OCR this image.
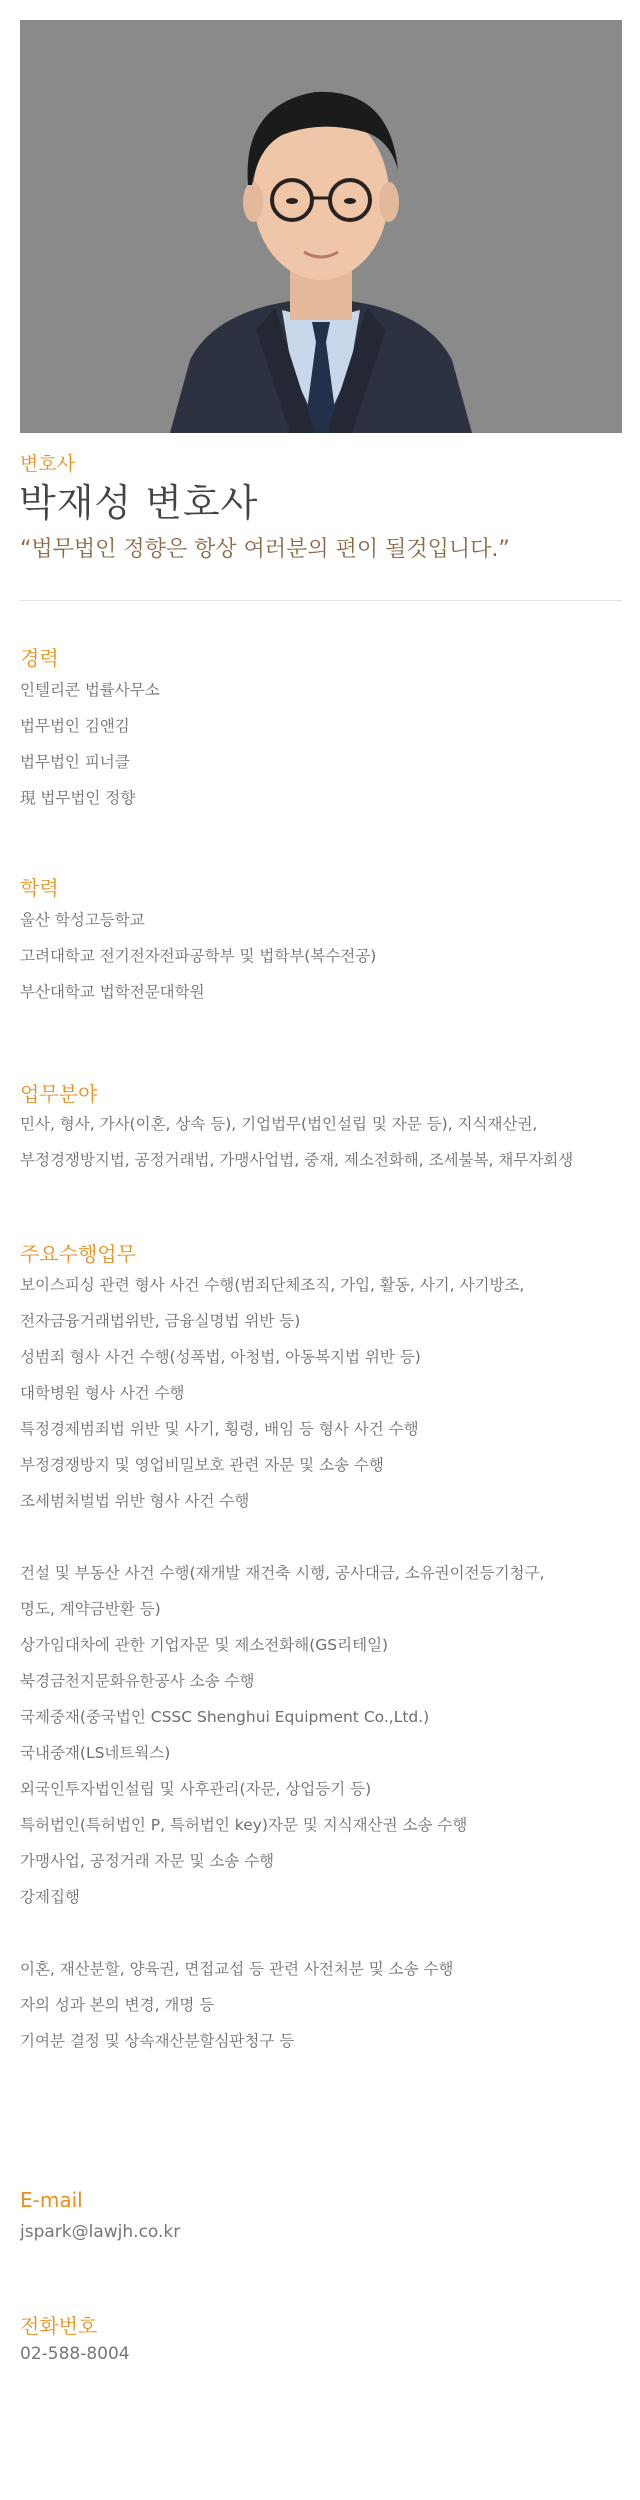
변호사
박재성 변호사
“법무법인 정향은 항상 여러분의 편이 될것입니다.”
경력
인텔리콘 법률사무소
법무법인 김앤김
법무법인 피너클
現 법무법인 정향
학력
울산 학성고등학교
고려대학교 전기전자전파공학부 및 법학부(복수전공)
부산대학교 법학전문대학원
업무분야
민사, 형사, 가사(이혼, 상속 등), 기업법무(법인설립 및 자문 등), 지식재산권,
부정경쟁방지법, 공정거래법, 가맹사업법, 중재, 제소전화해, 조세불복, 채무자회생
주요수행업무
보이스피싱 관련 형사 사건 수행(범죄단체조직, 가입, 활동, 사기, 사기방조,
전자금융거래법위반, 금융실명법 위반 등)
성범죄 형사 사건 수행(성폭법, 아청법, 아동복지법 위반 등)
대학병원 형사 사건 수행
특정경제범죄법 위반 및 사기, 횡령, 배임 등 형사 사건 수행
부정경쟁방지 및 영업비밀보호 관련 자문 및 소송 수행
조세범처벌법 위반 형사 사건 수행
건설 및 부동산 사건 수행(재개발 재건축 시행, 공사대금, 소유권이전등기청구,
명도, 계약금반환 등)
상가임대차에 관한 기업자문 및 제소전화해(GS리테일)
북경금천지문화유한공사 소송 수행
국제중재(중국법인 CSSC Shenghui Equipment Co.,Ltd.)
국내중재(LS네트웍스)
외국인투자법인설립 및 사후관리(자문, 상업등기 등)
특허법인(특허법인 P, 특허법인 key)자문 및 지식재산권 소송 수행
가맹사업, 공정거래 자문 및 소송 수행
강제집행
이혼, 재산분할, 양육권, 면접교섭 등 관련 사전처분 및 소송 수행
자의 성과 본의 변경, 개명 등
기여분 결정 및 상속재산분할심판청구 등
E-mail
jspark@lawjh.co.kr
전화번호
02-588-8004
